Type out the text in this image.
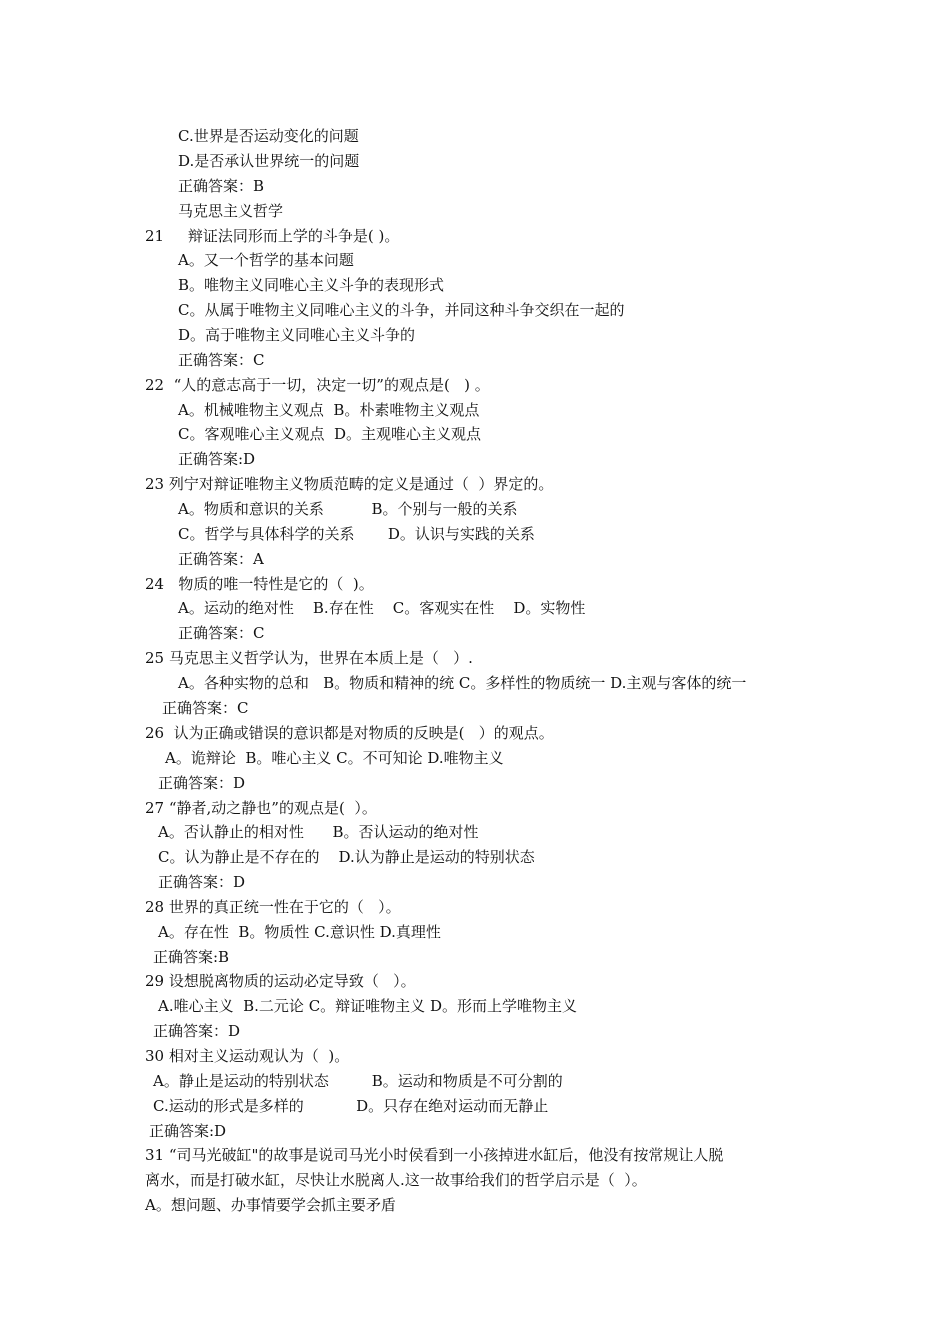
C.世界是否运动变化的问题
D.是否承认世界统一的问题
正确答案：B
马克思主义哲学
21     辩证法同形而上学的斗争是( )。
A。又一个哲学的基本问题
B。唯物主义同唯心主义斗争的表现形式
C。从属于唯物主义同唯心主义的斗争，并同这种斗争交织在一起的
D。高于唯物主义同唯心主义斗争的
正确答案：C
22  “人的意志高于一切，决定一切”的观点是(   ) 。
A。机械唯物主义观点  B。朴素唯物主义观点
C。客观唯心主义观点  D。主观唯心主义观点
正确答案:D
23 列宁对辩证唯物主义物质范畴的定义是通过（  ）界定的。
A。物质和意识的关系          B。个别与一般的关系
C。哲学与具体科学的关系       D。认识与实践的关系
正确答案：A
24   物质的唯一特性是它的（  )。
A。运动的绝对性    B.存在性    C。客观实在性    D。实物性
正确答案：C
25 马克思主义哲学认为，世界在本质上是（   ）.
A。各种实物的总和   B。物质和精神的统 C。多样性的物质统一 D.主观与客体的统一
正确答案：C
26  认为正确或错误的意识都是对物质的反映是(   ）的观点。
A。诡辩论  B。唯心主义 C。不可知论 D.唯物主义
正确答案：D
27 “静者,动之静也”的观点是(  ）。
A。否认静止的相对性      B。否认运动的绝对性
C。认为静止是不存在的    D.认为静止是运动的特别状态
正确答案：D
28 世界的真正统一性在于它的（   ）。
A。存在性  B。物质性 C.意识性 D.真理性
正确答案:B
29 设想脱离物质的运动必定导致（   ）。
A.唯心主义  B.二元论 C。辩证唯物主义 D。形而上学唯物主义
正确答案：D
30 相对主义运动观认为（  )。
A。静止是运动的特别状态         B。运动和物质是不可分割的
C.运动的形式是多样的           D。只存在绝对运动而无静止
正确答案:D
31 “司马光破缸"的故事是说司马光小时侯看到一小孩掉进水缸后，他没有按常规让人脱
离水，而是打破水缸，尽快让水脱离人.这一故事给我们的哲学启示是（  ）。
A。想问题、办事情要学会抓主要矛盾
